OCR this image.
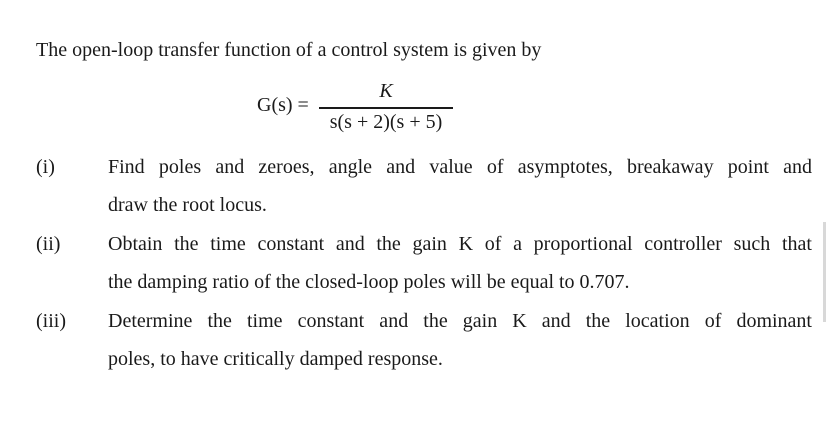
The open-loop transfer function of a control system is given by
G(s) =
K
s(s + 2)(s + 5)
(i)	Find poles and zeroes, angle and value of asymptotes, breakaway point and
draw the root locus.
(ii) Obtain the time constant and the gain K of a proportional controller such that
the damping ratio of the closed-loop poles will be equal to 0.707.
(iii) Determine the time constant and the gain K and the location of dominant
poles, to have critically damped response.
